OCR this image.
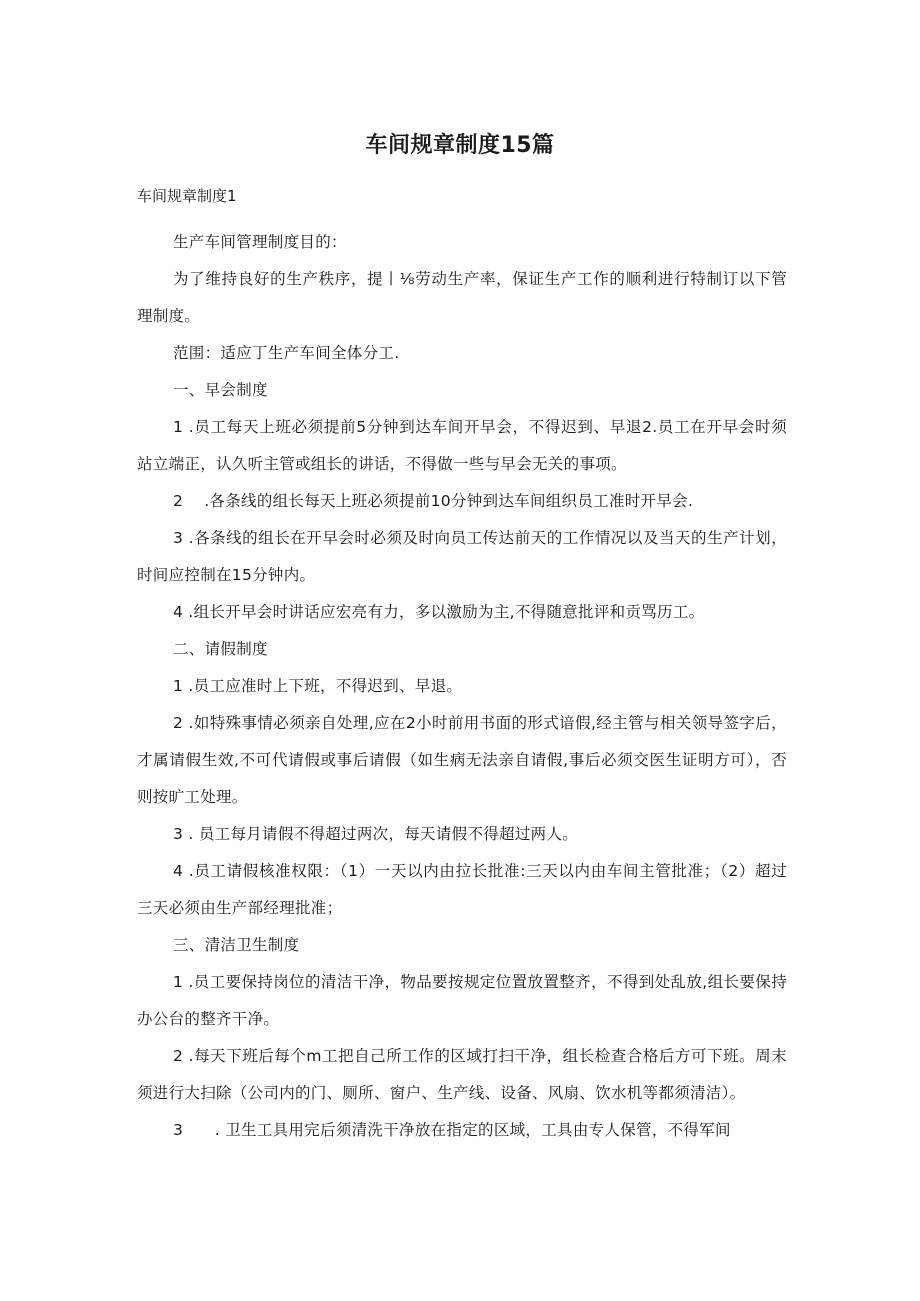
车间规章制度15篇

车间规章制度1

生产车间管理制度目的：

为了维持良好的生产秩序，提丨⅛劳动生产率，保证生产工作的顺利进行特制订以下管理制度。

范围：适应丁生产车间全体分工.

一、早会制度

1 .员工每天上班必须提前5分钟到达车间开早会，不得迟到、早退2.员工在开早会时须站立端正，认久听主管或组长的讲话，不得做一些与早会无关的事项。

2　 .各条线的组长每天上班必须提前10分钟到达车间组织员工准时开早会.

3 .各条线的组长在开早会时必须及时向员工传达前天的工作情况以及当天的生产计划，时间应控制在15分钟内。

4 .组长开早会时讲话应宏亮有力，多以激励为主,不得随意批评和贡骂历工。

二、请假制度

1 .员工应准时上下班，不得迟到、早退。

2 .如特殊事情必须亲自处理,应在2小时前用书面的形式谙假,经主管与相关领导签字后，才属请假生效,不可代请假或事后请假（如生病无法亲自请假,事后必须交医生证明方可），否则按旷工处理。

3 . 员工每月请假不得超过两次，每天请假不得超过两人。

4 .员工请假核准权限：（1）一天以内由拉长批准:三天以内由车间主管批准；（2）超过三天必须由生产部经理批准；

三、清洁卫生制度

1 .员工要保持岗位的清洁干净，物品要按规定位置放置整齐，不得到处乱放,组长要保持办公台的整齐干净。

2 .每天下班后每个m工把自己所工作的区域打扫干净，组长检查合格后方可下班。周末须进行大扫除（公司内的门、厕所、窗户、生产线、设备、风扇、饮水机等都须清洁）。

3　　. 卫生工具用完后须清洗干净放在指定的区域，工具由专人保管，不得军间
